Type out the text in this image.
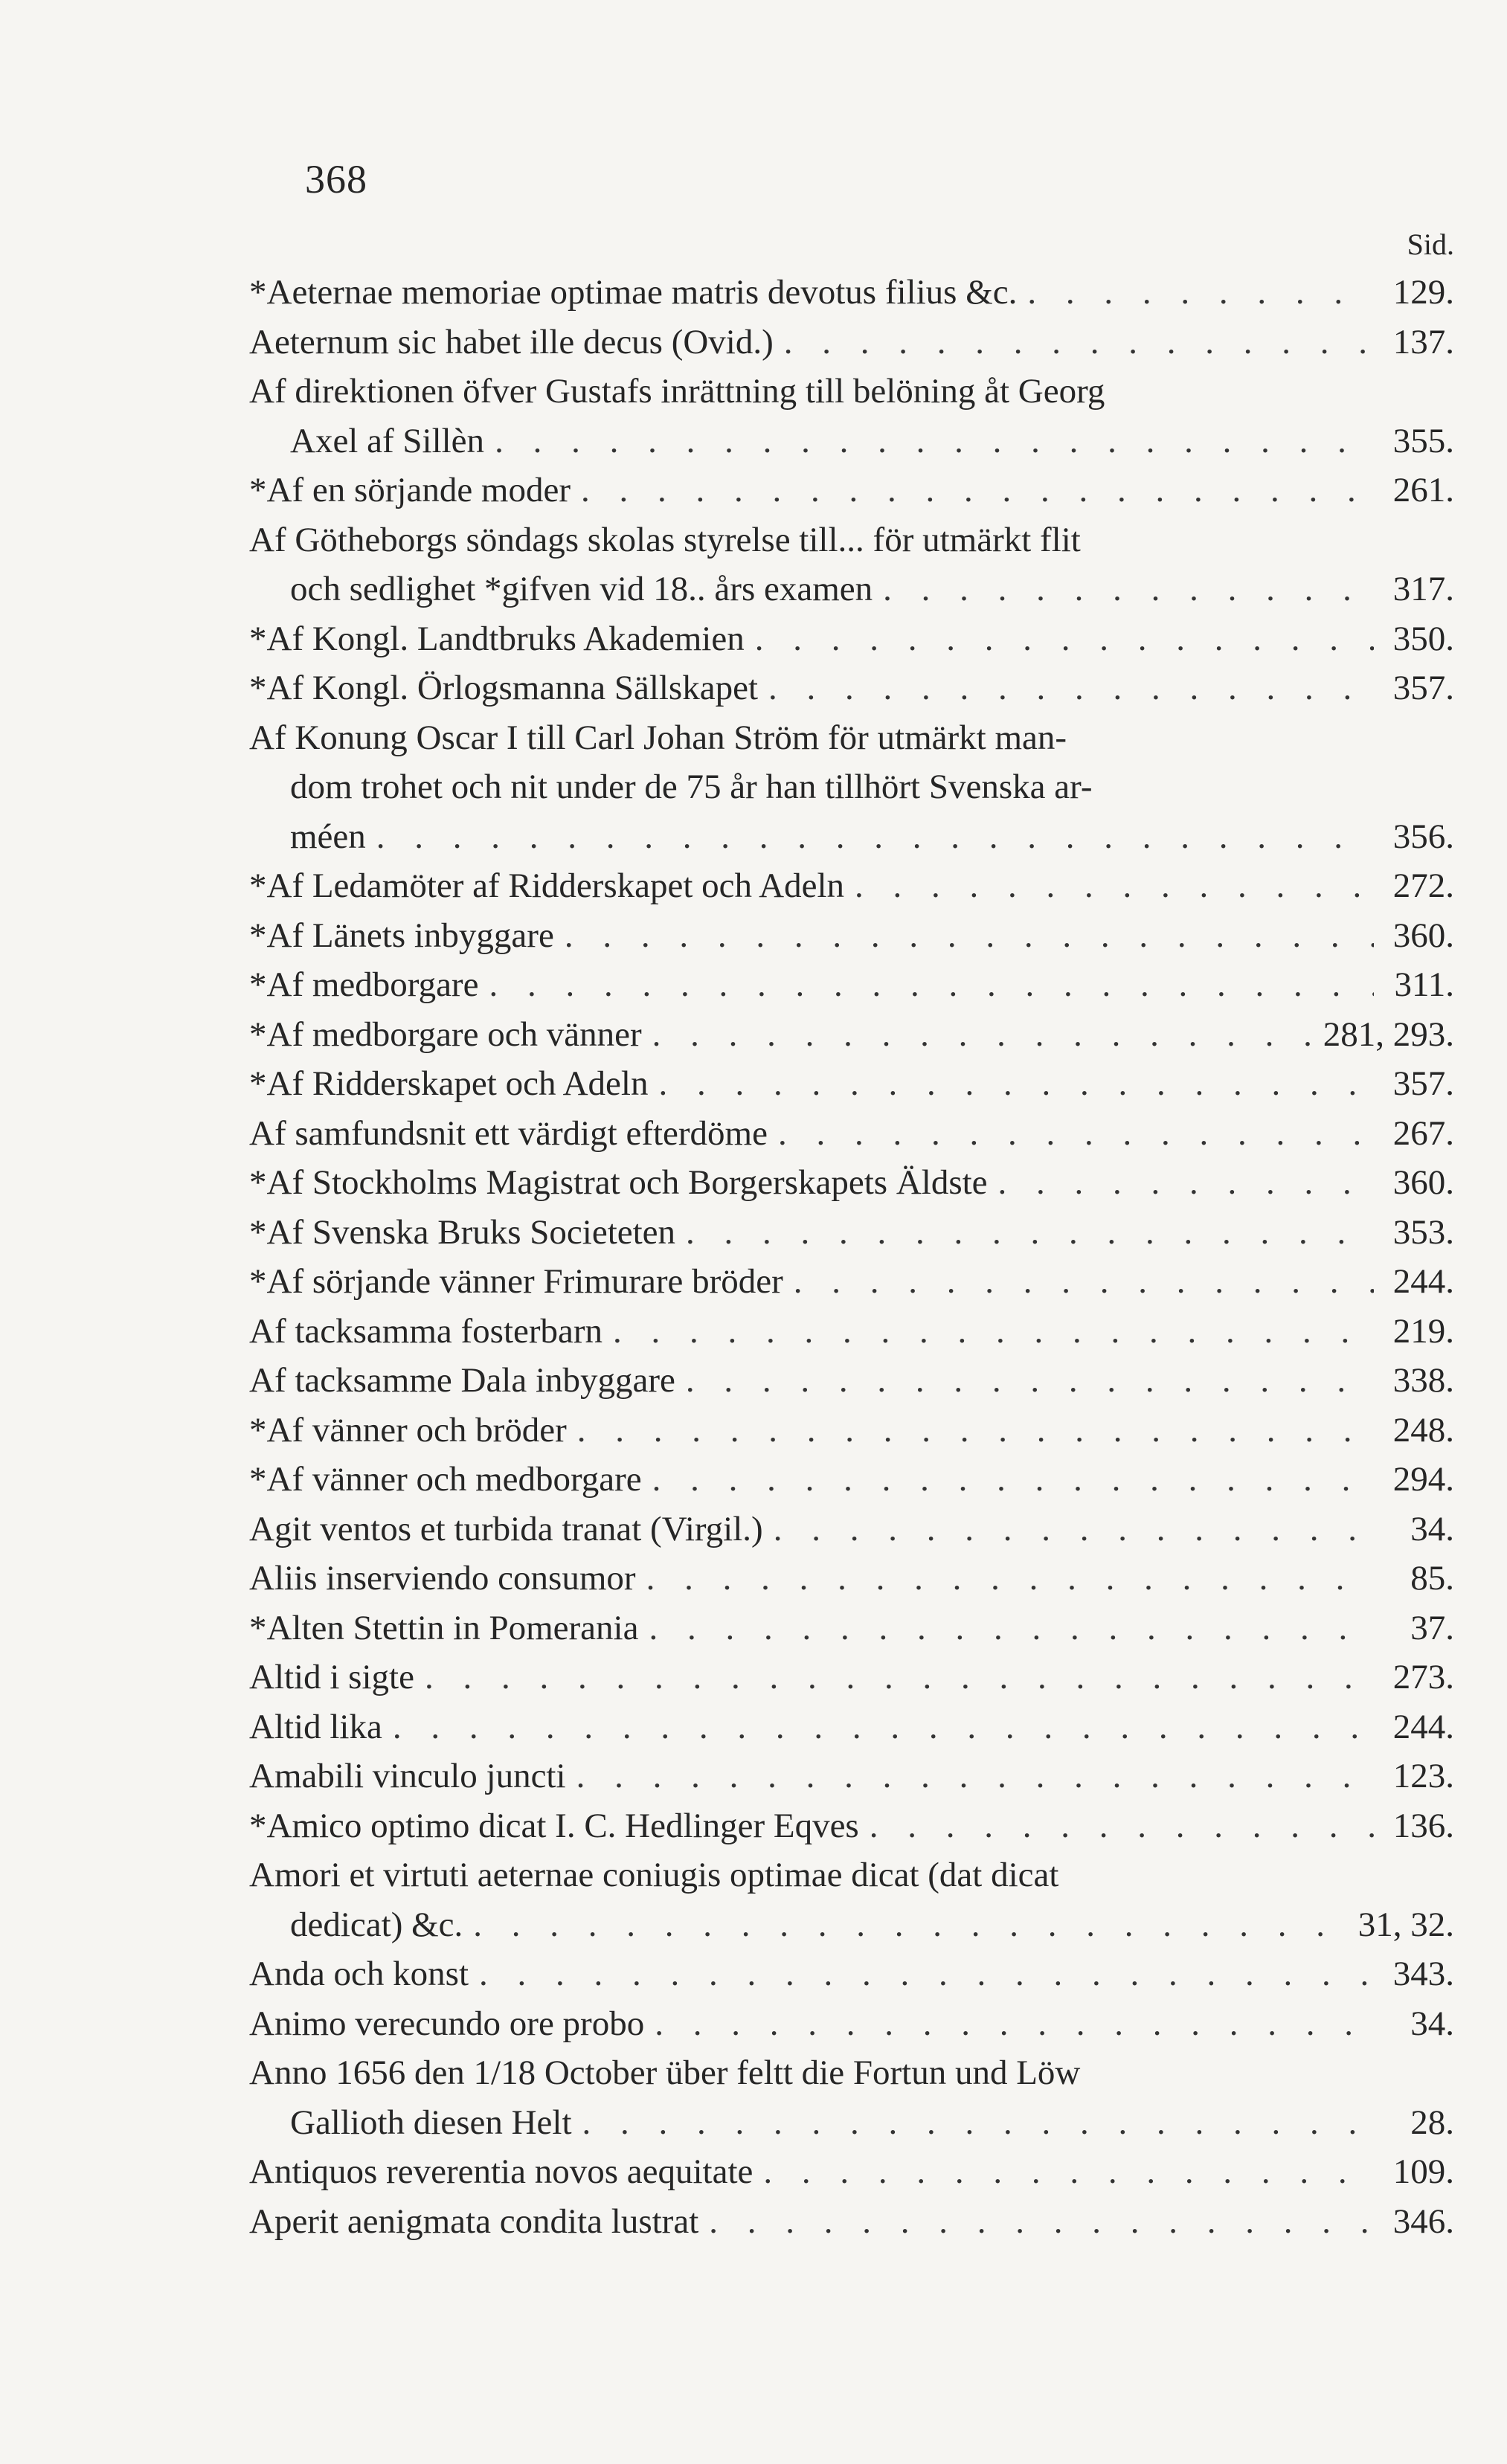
368
Sid.
*Aeternae memoriae optimae matris devotus filius &c. . . .	129.
Aeternum sic habet ille decus (Ovid.) . . .	137.
Af direktionen öfver Gustafs inrättning till belöning åt Georg
Axel af Sillèn . . .	355.
*Af en sörjande moder . . .	261.
Af Götheborgs söndags skolas styrelse till... för utmärkt flit
och sedlighet *gifven vid 18.. års examen . . .	317.
*Af Kongl. Landtbruks Akademien . . .	350.
*Af Kongl. Örlogsmanna Sällskapet . . .	357.
Af Konung Oscar I till Carl Johan Ström för utmärkt man-
dom trohet och nit under de 75 år han tillhört Svenska ar-
méen . . .	356.
*Af Ledamöter af Ridderskapet och Adeln . . .	272.
*Af Länets inbyggare . . .	360.
*Af medborgare . . .	311.
*Af medborgare och vänner . . .	281, 293.
*Af Ridderskapet och Adeln . . .	357.
Af samfundsnit ett värdigt efterdöme . . .	267.
*Af Stockholms Magistrat och Borgerskapets Äldste . . .	360.
*Af Svenska Bruks Societeten . . .	353.
*Af sörjande vänner Frimurare bröder . . .	244.
Af tacksamma fosterbarn . . .	219.
Af tacksamme Dala inbyggare . . .	338.
*Af vänner och bröder . . .	248.
*Af vänner och medborgare . . .	294.
Agit ventos et turbida tranat (Virgil.) . . .	34.
Aliis inserviendo consumor . . .	85.
*Alten Stettin in Pomerania . . .	37.
Altid i sigte . . .	273.
Altid lika . . .	244.
Amabili vinculo juncti . . .	123.
*Amico optimo dicat I. C. Hedlinger Eqves . . .	136.
Amori et virtuti aeternae coniugis optimae dicat (dat dicat
dedicat) &c. . . .	31, 32.
Anda och konst . . .	343.
Animo verecundo ore probo . . .	34.
Anno 1656 den 1/18 October über feltt die Fortun und Löw
Gallioth diesen Helt . . .	28.
Antiquos reverentia novos aequitate . . .	109.
Aperit aenigmata condita lustrat . . .	346.
